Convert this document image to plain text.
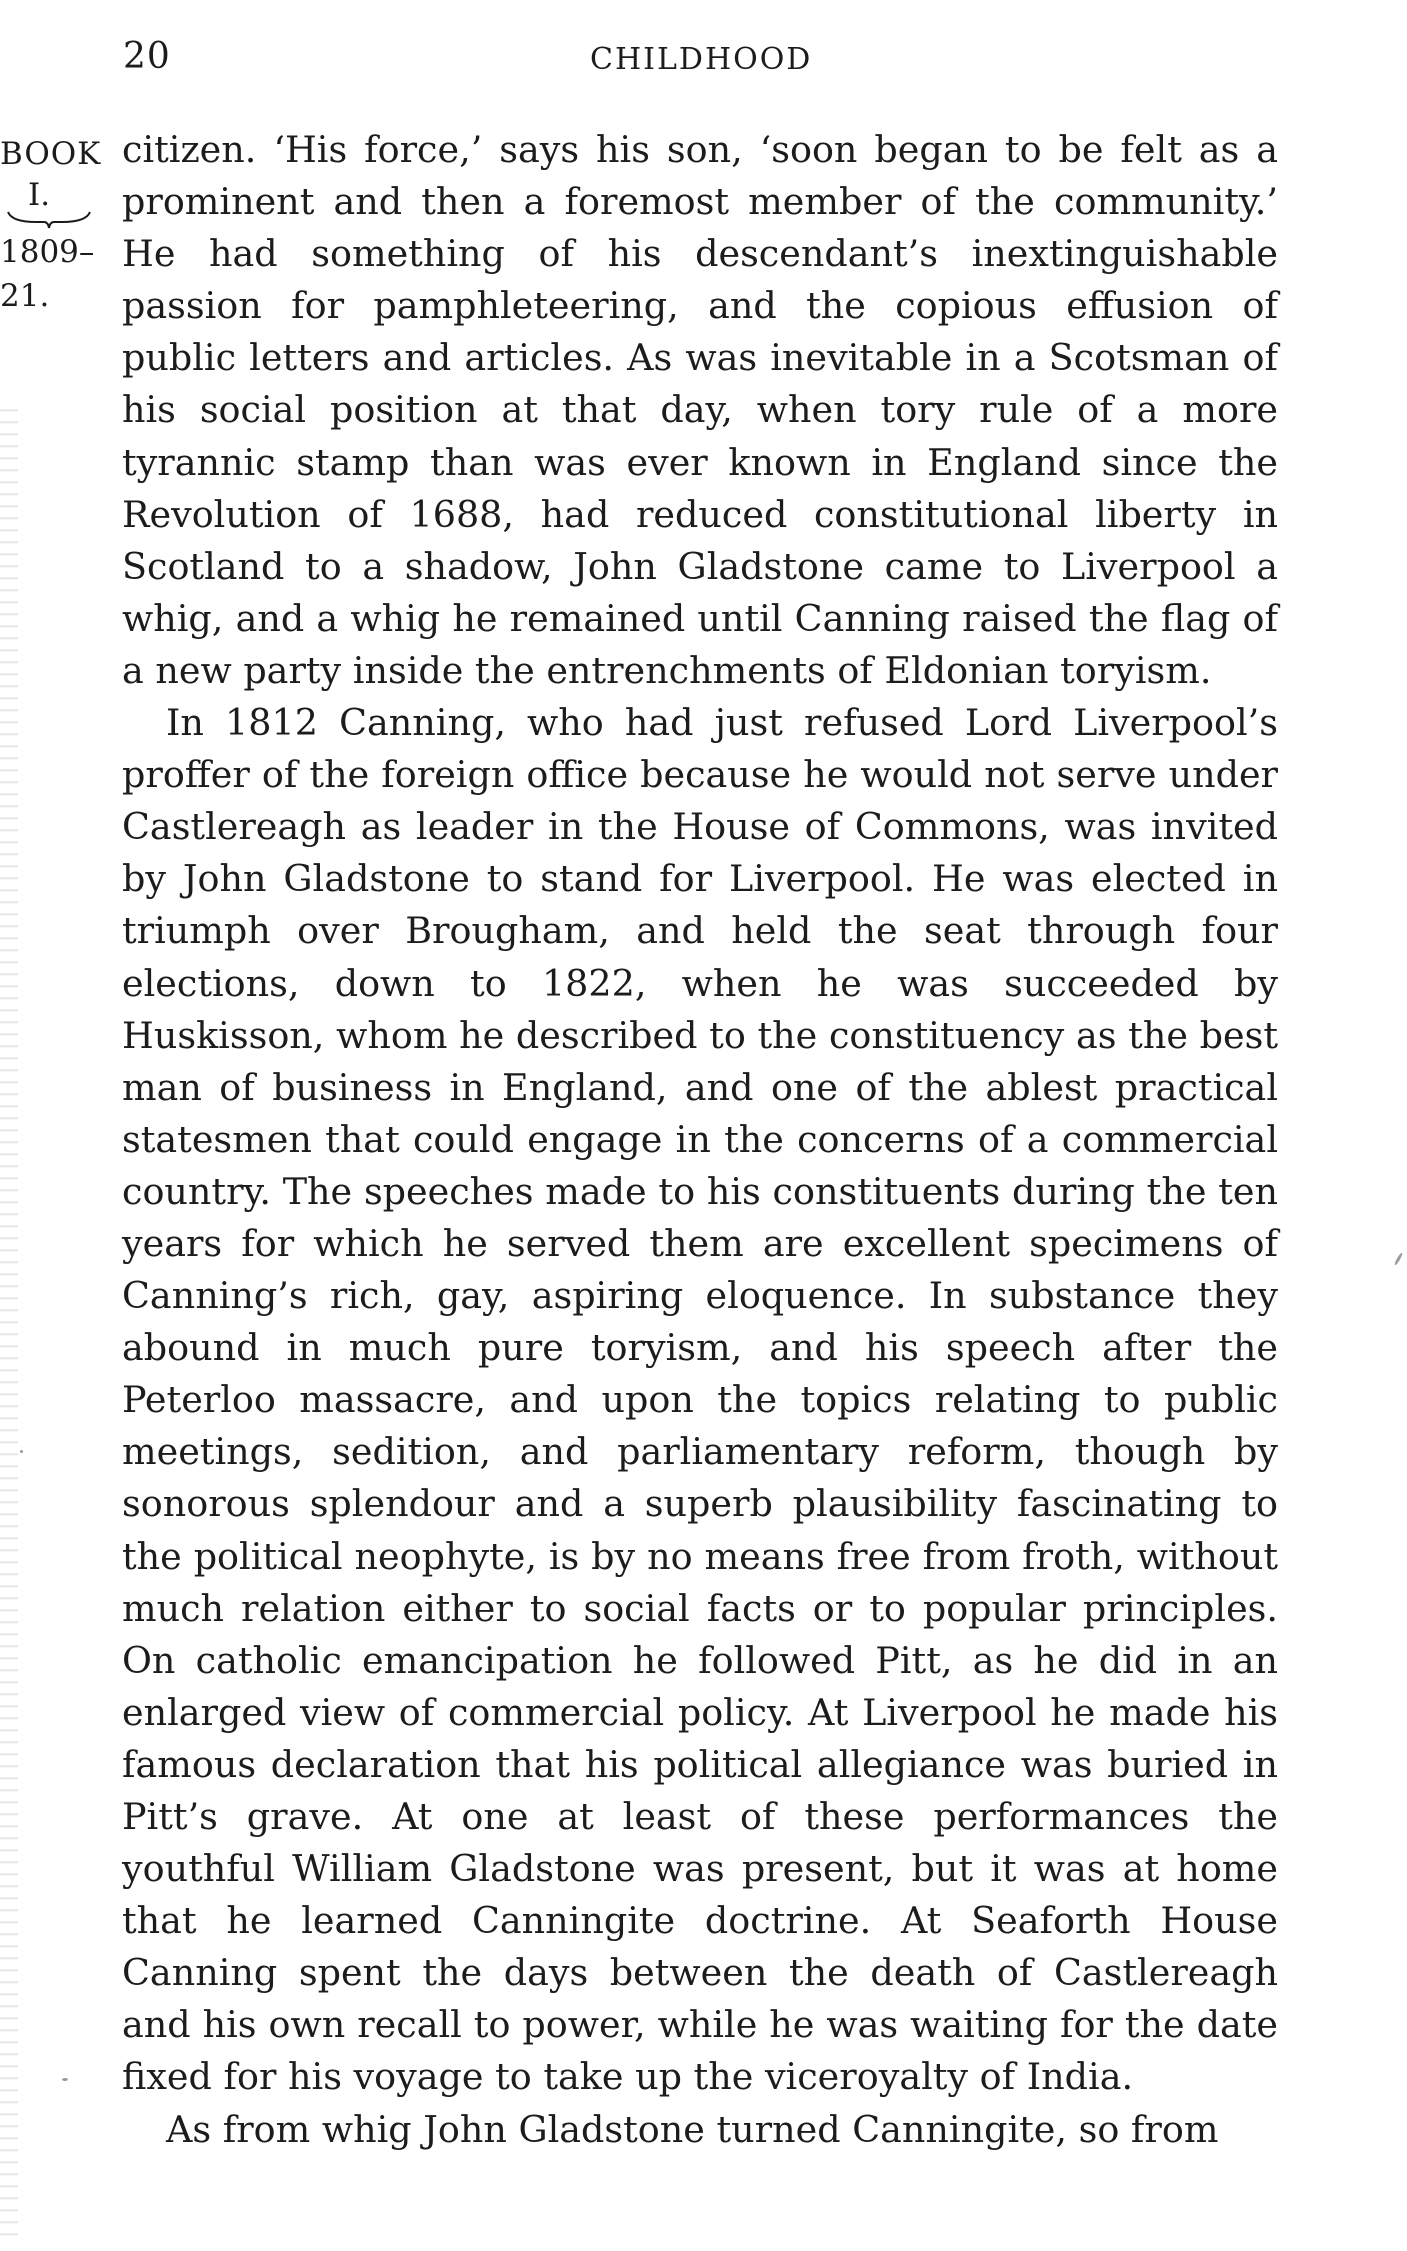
20	CHILDHOOD
BOOK
I.
1809–21.

citizen. ‘His force,’ says his son, ‘soon began to be felt as a prominent and then a foremost member of the community.’ He had something of his descendant’s inextinguishable passion for pamphleteering, and the copious effusion of public letters and articles. As was inevitable in a Scotsman of his social position at that day, when tory rule of a more tyrannic stamp than was ever known in England since the Revolution of 1688, had reduced constitutional liberty in Scotland to a shadow, John Gladstone came to Liverpool a whig, and a whig he remained until Canning raised the flag of a new party inside the entrenchments of Eldonian toryism.

In 1812 Canning, who had just refused Lord Liverpool’s proffer of the foreign office because he would not serve under Castlereagh as leader in the House of Commons, was invited by John Gladstone to stand for Liverpool. He was elected in triumph over Brougham, and held the seat through four elections, down to 1822, when he was succeeded by Huskisson, whom he described to the constituency as the best man of business in England, and one of the ablest practical statesmen that could engage in the concerns of a commercial country. The speeches made to his constituents during the ten years for which he served them are excellent specimens of Canning’s rich, gay, aspiring eloquence. In substance they abound in much pure toryism, and his speech after the Peterloo massacre, and upon the topics relating to public meetings, sedition, and parliamentary reform, though by sonorous splendour and a superb plausibility fascinating to the political neophyte, is by no means free from froth, without much relation either to social facts or to popular principles. On catholic emancipation he followed Pitt, as he did in an enlarged view of commercial policy. At Liverpool he made his famous declaration that his political allegiance was buried in Pitt’s grave. At one at least of these performances the youthful William Gladstone was present, but it was at home that he learned Canningite doctrine. At Seaforth House Canning spent the days between the death of Castlereagh and his own recall to power, while he was waiting for the date fixed for his voyage to take up the viceroyalty of India.

As from whig John Gladstone turned Canningite, so from
